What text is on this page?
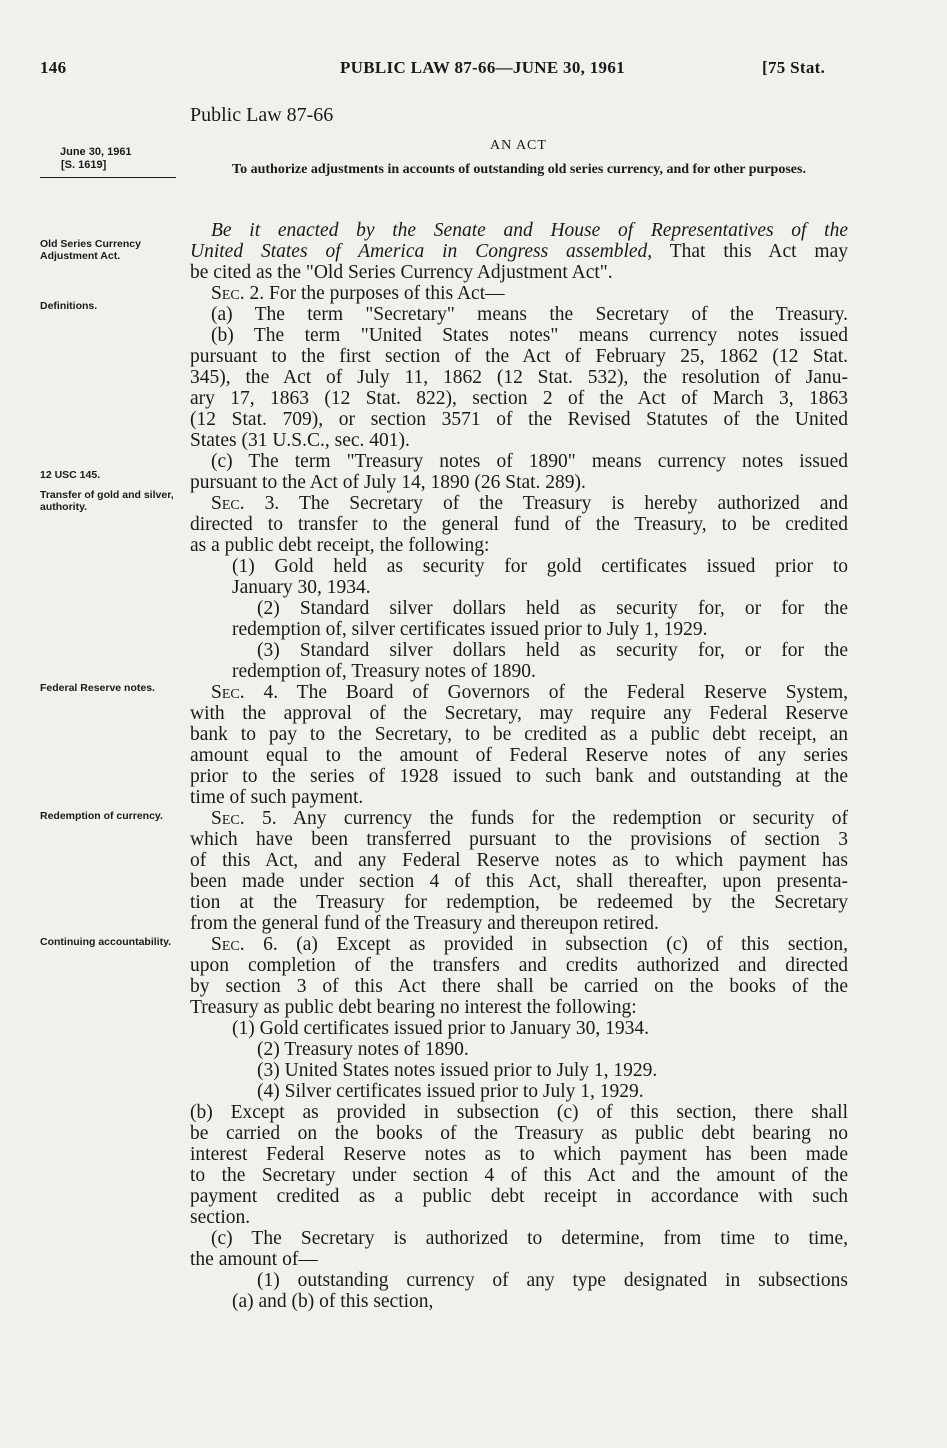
146	PUBLIC LAW 87-66—JUNE 30, 1961	[75 Stat.
Public Law 87-66
AN ACT
June 30, 1961
[S. 1619]	To authorize adjustments in accounts of outstanding old series currency, and for other purposes.
Old Series Currency Adjustment Act.
Definitions.
12 USC 145.
Transfer of gold and silver, authority.
Federal Reserve notes.
Redemption of currency.
Continuing accountability.
Be it enacted by the Senate and House of Representatives of the
United States of America in Congress assembled, That this Act may
be cited as the "Old Series Currency Adjustment Act".
Sec. 2. For the purposes of this Act—
(a) The term "Secretary" means the Secretary of the Treasury.
(b) The term "United States notes" means currency notes issued
pursuant to the first section of the Act of February 25, 1862 (12 Stat.
345), the Act of July 11, 1862 (12 Stat. 532), the resolution of Janu-
ary 17, 1863 (12 Stat. 822), section 2 of the Act of March 3, 1863
(12 Stat. 709), or section 3571 of the Revised Statutes of the United
States (31 U.S.C., sec. 401).
(c) The term "Treasury notes of 1890" means currency notes issued
pursuant to the Act of July 14, 1890 (26 Stat. 289).
Sec. 3. The Secretary of the Treasury is hereby authorized and
directed to transfer to the general fund of the Treasury, to be credited
as a public debt receipt, the following:
(1) Gold held as security for gold certificates issued prior to
January 30, 1934.
(2) Standard silver dollars held as security for, or for the
redemption of, silver certificates issued prior to July 1, 1929.
(3) Standard silver dollars held as security for, or for the
redemption of, Treasury notes of 1890.
Sec. 4. The Board of Governors of the Federal Reserve System,
with the approval of the Secretary, may require any Federal Reserve
bank to pay to the Secretary, to be credited as a public debt receipt, an
amount equal to the amount of Federal Reserve notes of any series
prior to the series of 1928 issued to such bank and outstanding at the
time of such payment.
Sec. 5. Any currency the funds for the redemption or security of
which have been transferred pursuant to the provisions of section 3
of this Act, and any Federal Reserve notes as to which payment has
been made under section 4 of this Act, shall thereafter, upon presenta-
tion at the Treasury for redemption, be redeemed by the Secretary
from the general fund of the Treasury and thereupon retired.
Sec. 6. (a) Except as provided in subsection (c) of this section,
upon completion of the transfers and credits authorized and directed
by section 3 of this Act there shall be carried on the books of the
Treasury as public debt bearing no interest the following:
(1) Gold certificates issued prior to January 30, 1934.
(2) Treasury notes of 1890.
(3) United States notes issued prior to July 1, 1929.
(4) Silver certificates issued prior to July 1, 1929.
(b) Except as provided in subsection (c) of this section, there shall
be carried on the books of the Treasury as public debt bearing no
interest Federal Reserve notes as to which payment has been made
to the Secretary under section 4 of this Act and the amount of the
payment credited as a public debt receipt in accordance with such
section.
(c) The Secretary is authorized to determine, from time to time,
the amount of—
(1) outstanding currency of any type designated in subsections
(a) and (b) of this section,
